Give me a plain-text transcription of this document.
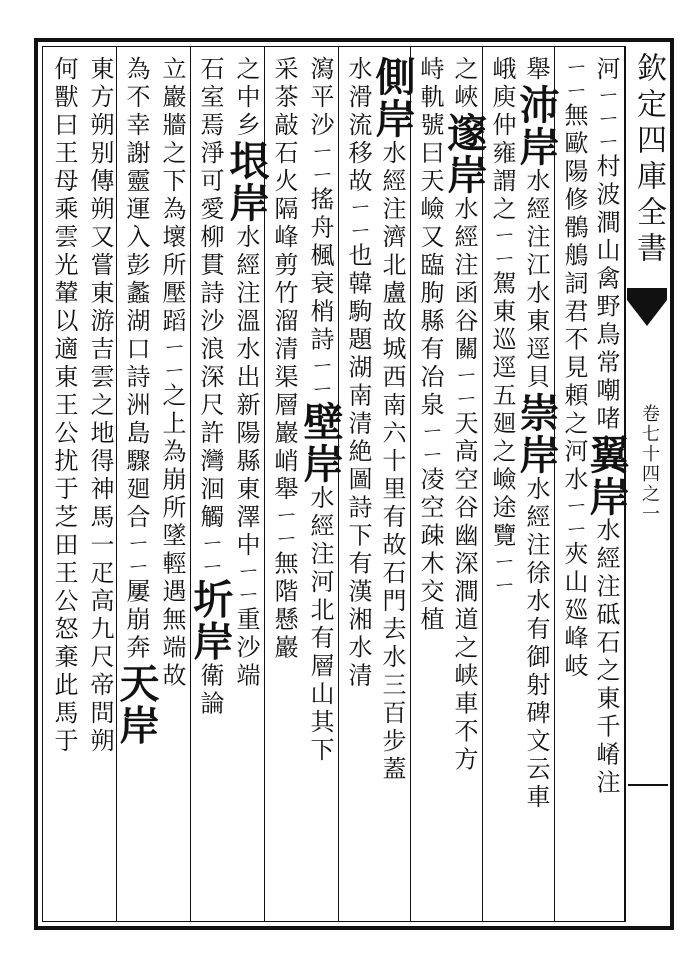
河ㄧㄧㄧ村波澗山禽野鳥常嘲啫翼岸水經注砥石之東千崤注
ㄧㄧ無歐陽修鶻鵃詞君不見頼之河水ㄧㄧ夾山廵峰岐
舉沛岸水經注江水東逕貝崇岸水經注徐水有御射碑文云車
峨庾仲雍謂之ㄧㄧ駕東巡逕五廻之嶮途覽ㄧㄧ
之峽邃岸水經注函谷關ㄧㄧ天高空谷幽深澗道之峡車不方
峙軌號曰天嶮又臨朐縣有冶泉ㄧㄧ凌空疎木交植
側岸水經注濟北盧故城西南六十里有故石門去水三百步蓋
水滑流移故ㄧㄧ也韓駒題湖南清絶圖詩下有漢湘水清
瀉平沙ㄧㄧ搖舟楓衰梢詩ㄧㄧ壁岸水經注河北有層山其下
采茶敲石火隔峰剪竹溜清渠層巖峭舉ㄧㄧ無階懸巖
之中乡垠岸水經注溫水出新陽縣東澤中ㄧㄧ重沙端
石室焉淨可愛柳貫詩沙浪深尺許灣洄觸ㄧㄧ圻岸衛論
立巖牆之下為壞所壓蹈ㄧㄧ之上為崩所墜輕遇無端故
為不幸謝靈運入彭蠡湖口詩洲島驟廻合ㄧㄧ屢崩奔天岸
東方朔别傳朔又嘗東游吉雲之地得神馬一疋高九尺帝問朔
何獸曰王母乘雲光輦以適東王公扰于芝田王公怒棄此馬于	欽定四庫全書
卷七十四之一
